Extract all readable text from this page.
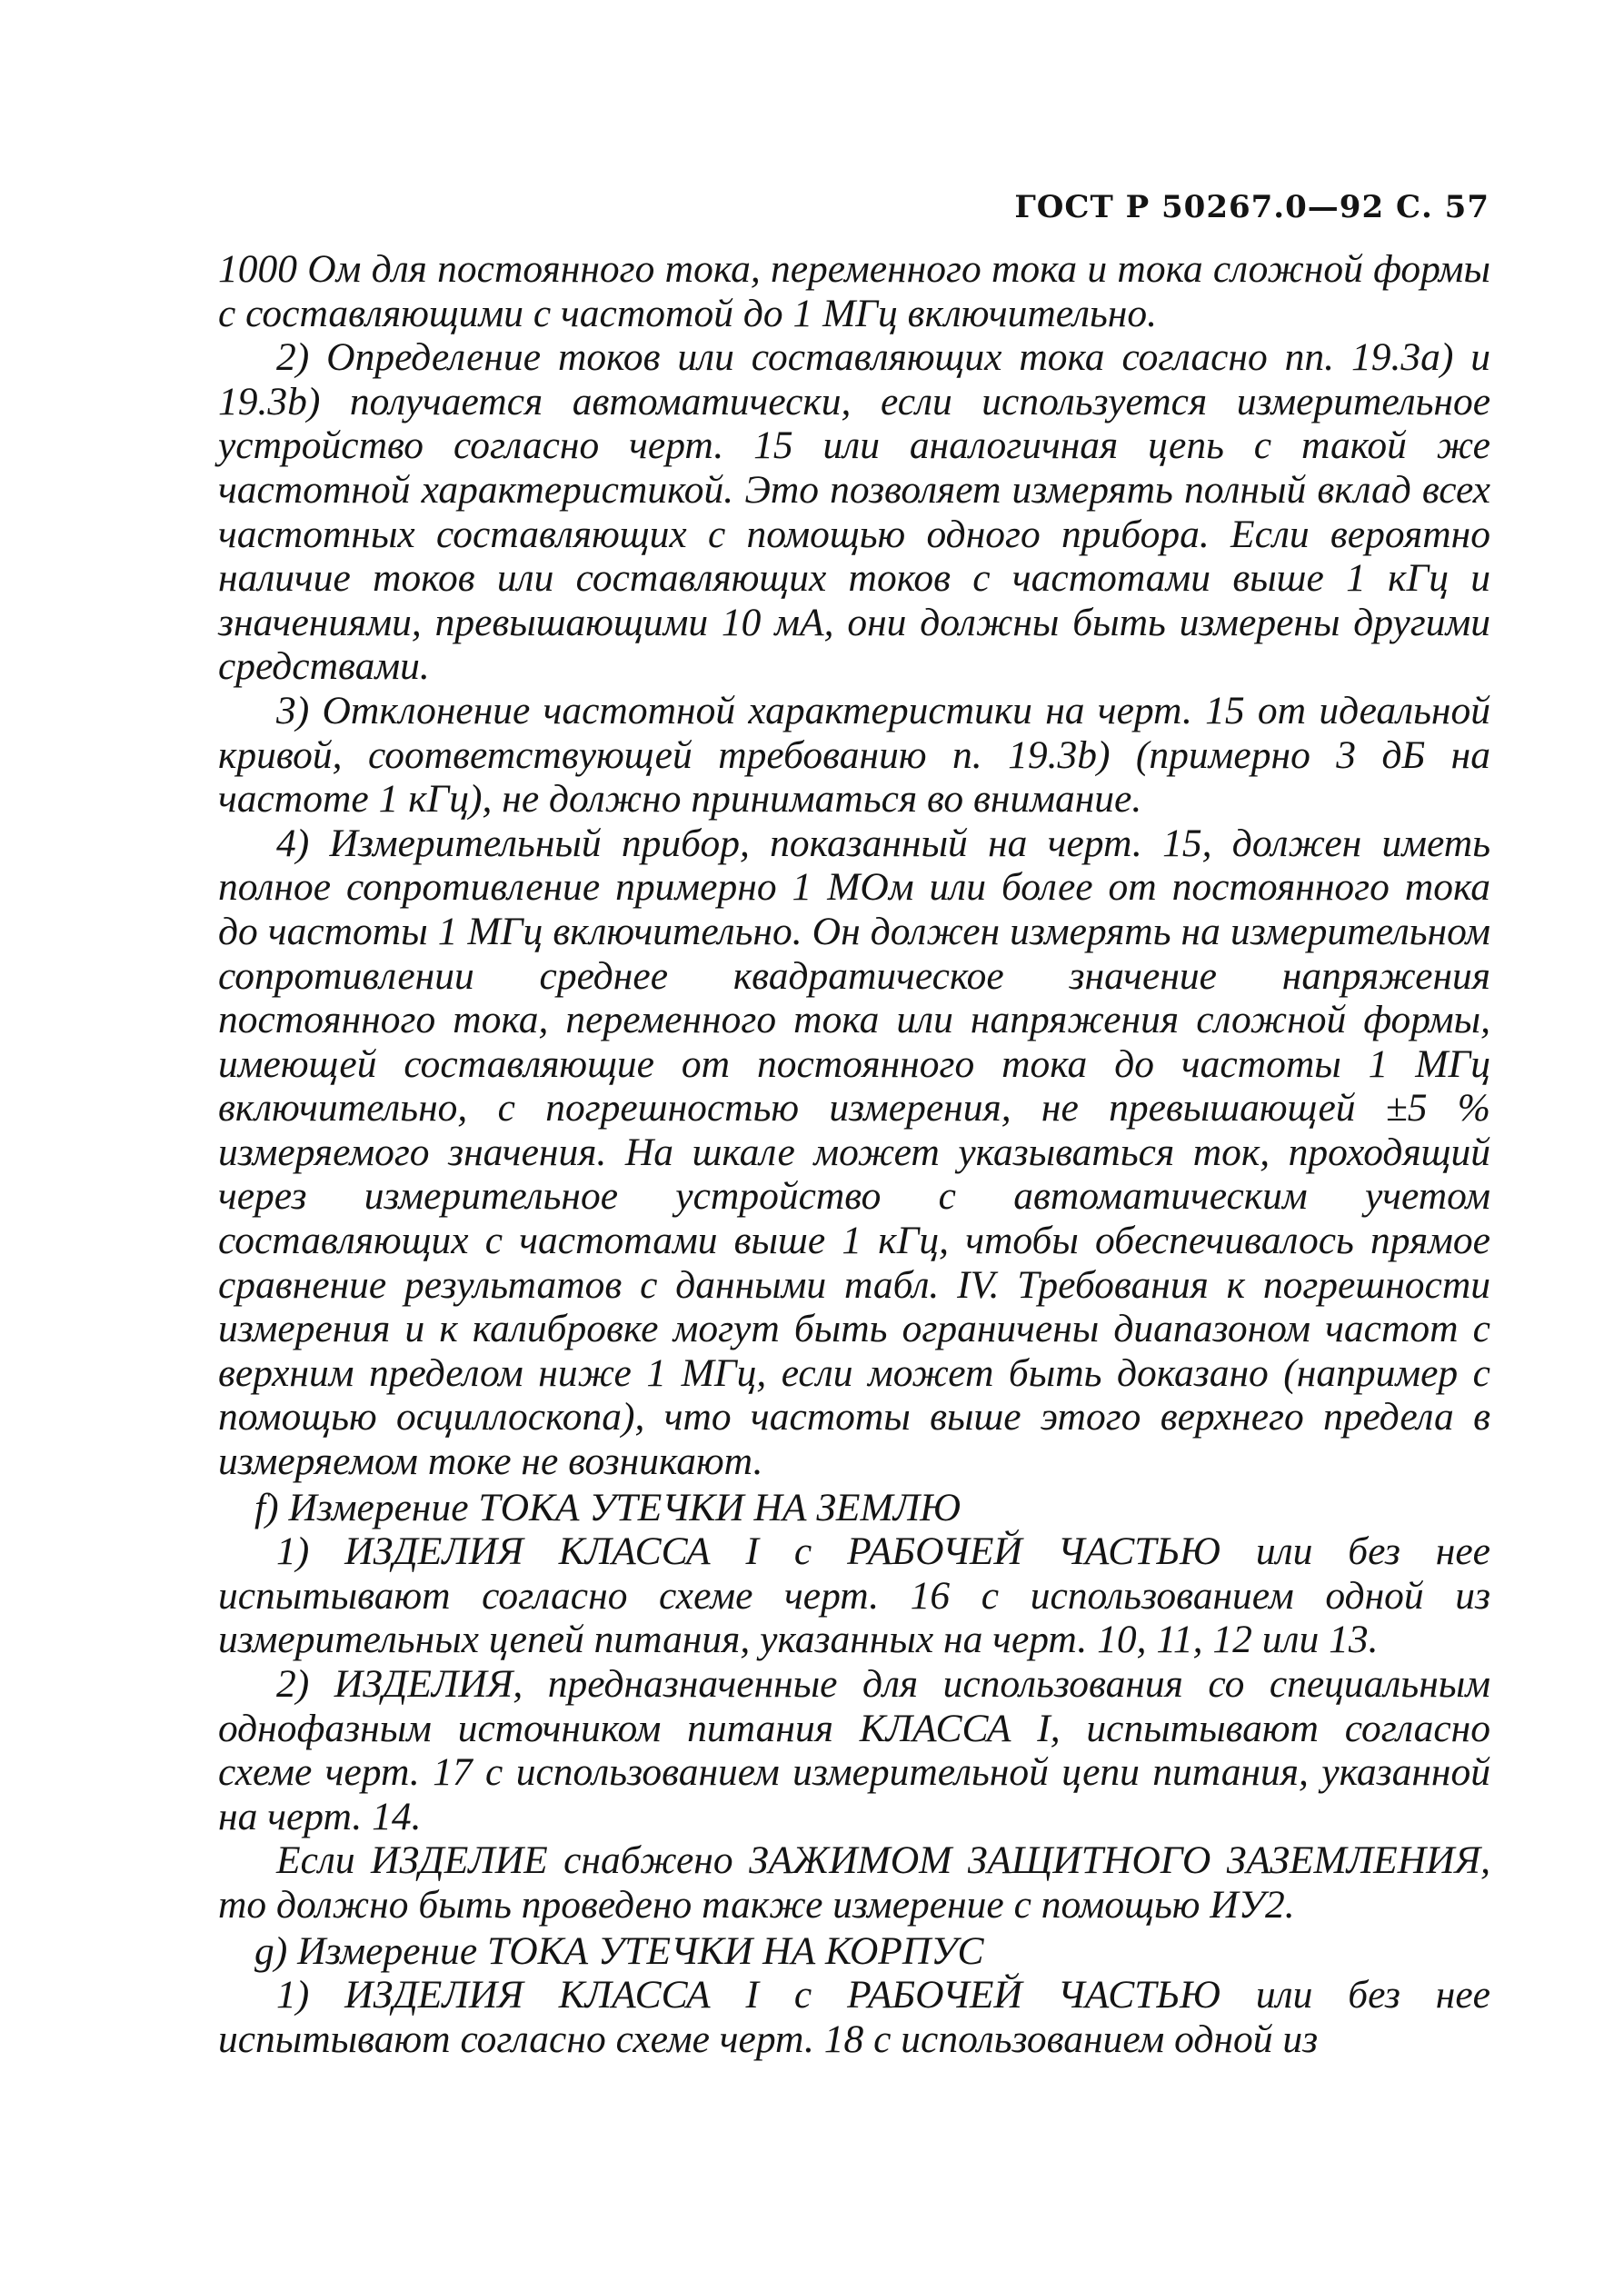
ГОСТ Р 50267.0—92 С. 57

1000 Ом для постоянного тока, переменного тока и тока сложной формы с составляющими с частотой до 1 МГц включительно.

2) Определение токов или составляющих тока согласно пп. 19.3а) и 19.3b) получается автоматически, если используется измерительное устройство согласно черт. 15 или аналогичная цепь с такой же частотной характеристикой. Это позволяет измерять полный вклад всех частотных составляющих с помощью одного прибора. Если вероятно наличие токов или составляющих токов с частотами выше 1 кГц и значениями, превышающими 10 мА, они должны быть измерены другими средствами.

3) Отклонение частотной характеристики на черт. 15 от идеальной кривой, соответствующей требованию п. 19.3b) (примерно 3 дБ на частоте 1 кГц), не должно приниматься во внимание.

4) Измерительный прибор, показанный на черт. 15, должен иметь полное сопротивление примерно 1 МОм или более от постоянного тока до частоты 1 МГц включительно. Он должен измерять на измерительном сопротивлении среднее квадратическое значение напряжения постоянного тока, переменного тока или напряжения сложной формы, имеющей составляющие от постоянного тока до частоты 1 МГц включительно, с погрешностью измерения, не превышающей ±5 % измеряемого значения. На шкале может указываться ток, проходящий через измерительное устройство с автоматическим учетом составляющих с частотами выше 1 кГц, чтобы обеспечивалось прямое сравнение результатов с данными табл. IV. Требования к погрешности измерения и к калибровке могут быть ограничены диапазоном частот с верхним пределом ниже 1 МГц, если может быть доказано (например с помощью осциллоскопа), что частоты выше этого верхнего предела в измеряемом токе не возникают.

f) Измерение ТОКА УТЕЧКИ НА ЗЕМЛЮ

1) ИЗДЕЛИЯ КЛАССА I с РАБОЧЕЙ ЧАСТЬЮ или без нее испытывают согласно схеме черт. 16 с использованием одной из измерительных цепей питания, указанных на черт. 10, 11, 12 или 13.

2) ИЗДЕЛИЯ, предназначенные для использования со специальным однофазным источником питания КЛАССА I, испытывают согласно схеме черт. 17 с использованием измерительной цепи питания, указанной на черт. 14.

Если ИЗДЕЛИЕ снабжено ЗАЖИМОМ ЗАЩИТНОГО ЗАЗЕМЛЕНИЯ, то должно быть проведено также измерение с помощью ИУ2.

g) Измерение ТОКА УТЕЧКИ НА КОРПУС

1) ИЗДЕЛИЯ КЛАССА I с РАБОЧЕЙ ЧАСТЬЮ или без нее испытывают согласно схеме черт. 18 с использованием одной из
